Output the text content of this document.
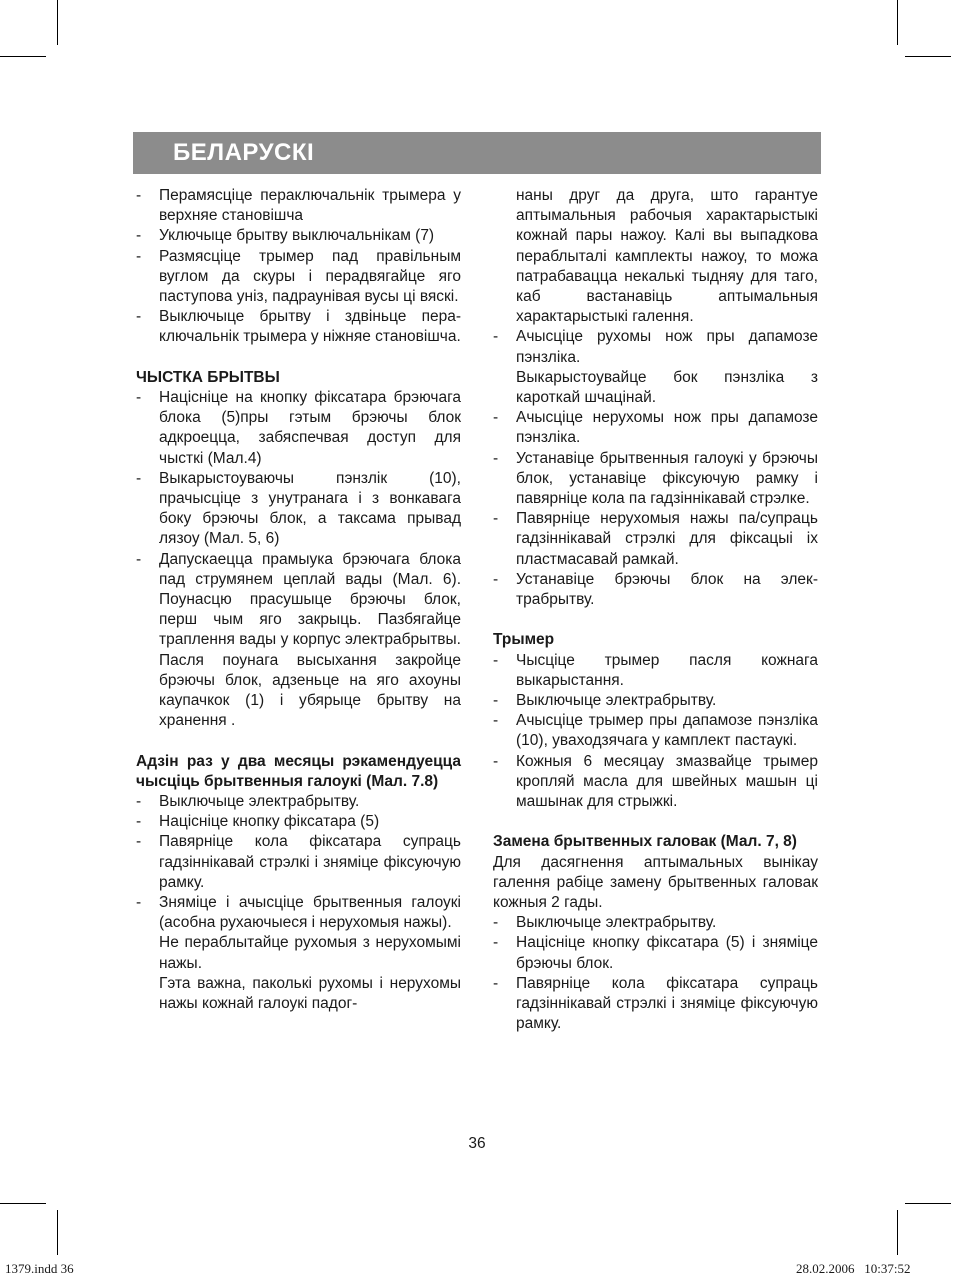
БЕЛАРУСКІ
-	Перамясціце пераключальнік трымера у верхняе становішча
-	Уключыце брытву выключальнікам (7)
-	Размясціце трымер пад правільным вуглом да скуры і перадвягайце яго паступова уніз, падраунівая вусы ці вяскі.
-	Выключыце брытву і здвіньце пераключальнік трымера у ніжняе становішча.

ЧЫСТКА БРЫТВЫ

-	Націсніце на кнопку фіксатара брэючага блока (5)пры гэтым брэючы блок адкроецца, забяспечвая доступ для чысткі (Мал.4)
-	Выкарыстоуваючы пэнзлік (10), прачысціце з унутранага і з вонкавага боку брэючы блок, а таксама прывад лязоу (Мал. 5, 6)
-	Дапускаецца прамыука брэючага блока пад струмянем цеплай вады (Мал. 6). Поунасцю прасушыце брэючы блок, перш чым яго закрыць. Пазбягайце траплення вады у корпус электрабрытвы. Пасля поунага высыхання закройце брэючы блок, адзеньце на яго ахоуны каупачкок (1) і убярыце брытву на хранення .

Адзін раз у два месяцы рэкамендуецца чысціць брытвенныя галоукі (Мал. 7.8)

-	Выключыце электрабрытву.
-	Націсніце кнопку фіксатара (5)
-	Павярніце кола фіксатара супраць гадзіннікавай стрэлкі і зняміце фіксуючую рамку.
-	Зняміце і ачысціце брытвенныя галоукі (асобна рухаючыеся і нерухомыя нажы).

Не пераблытайце рухомыя з нерухомымі нажы.

Гэта важна, паколькі рухомы і нерухомы нажы кожнай галоукі падог-

наны друг да друга, што гарантуе аптымальныя рабочыя характарыстыкі кожнай пары нажоу. Калі вы выпадкова пераблыталі камплекты нажоу, то можа патрабавацца некалькі тыдняу для таго, каб вастанавіць аптымальныя характарыстыкі галення.

-	Ачысціце рухомы нож пры дапамозе пэнзліка.

Выкарыстоувайце бок пэнзліка з кароткай шчацінай.

-	Ачысціце нерухомы нож пры дапамозе пэнзліка.
-	Устанавіце брытвенныя галоукі у брэючы блок, устанавіце фіксуючую рамку і павярніце кола па гадзіннікавай стрэлке.
-	Павярніце нерухомыя нажы па/супраць гадзіннікавай стрэлкі для фіксацыі іх пластмасавай рамкай.
-	Устанавіце брэючы блок на электрабрытву.

Трымер

-	Чысціце трымер пасля кожнага выкарыстання.
-	Выключыце электрабрытву.
-	Ачысціце трымер пры дапамозе пэнзліка (10), уваходзячага у камплект пастаукі.
-	Кожныя 6 месяцау змазвайце трымер кропляй масла для швейных машын ці машынак для стрыжкі.

Замена брытвенных галовак (Мал. 7, 8)

Для дасягнення аптымальных вынікау галення рабіце замену брытвенных галовак кожныя 2 гады.

-	Выключыце электрабрытву.
-	Націсніце кнопку фіксатара (5) і зняміце брэючы блок.
-	Павярніце кола фіксатара супраць гадзіннікавай стрэлкі і зняміце фіксуючую рамку.
36
1379.indd 36	28.02.2006   10:37:52
